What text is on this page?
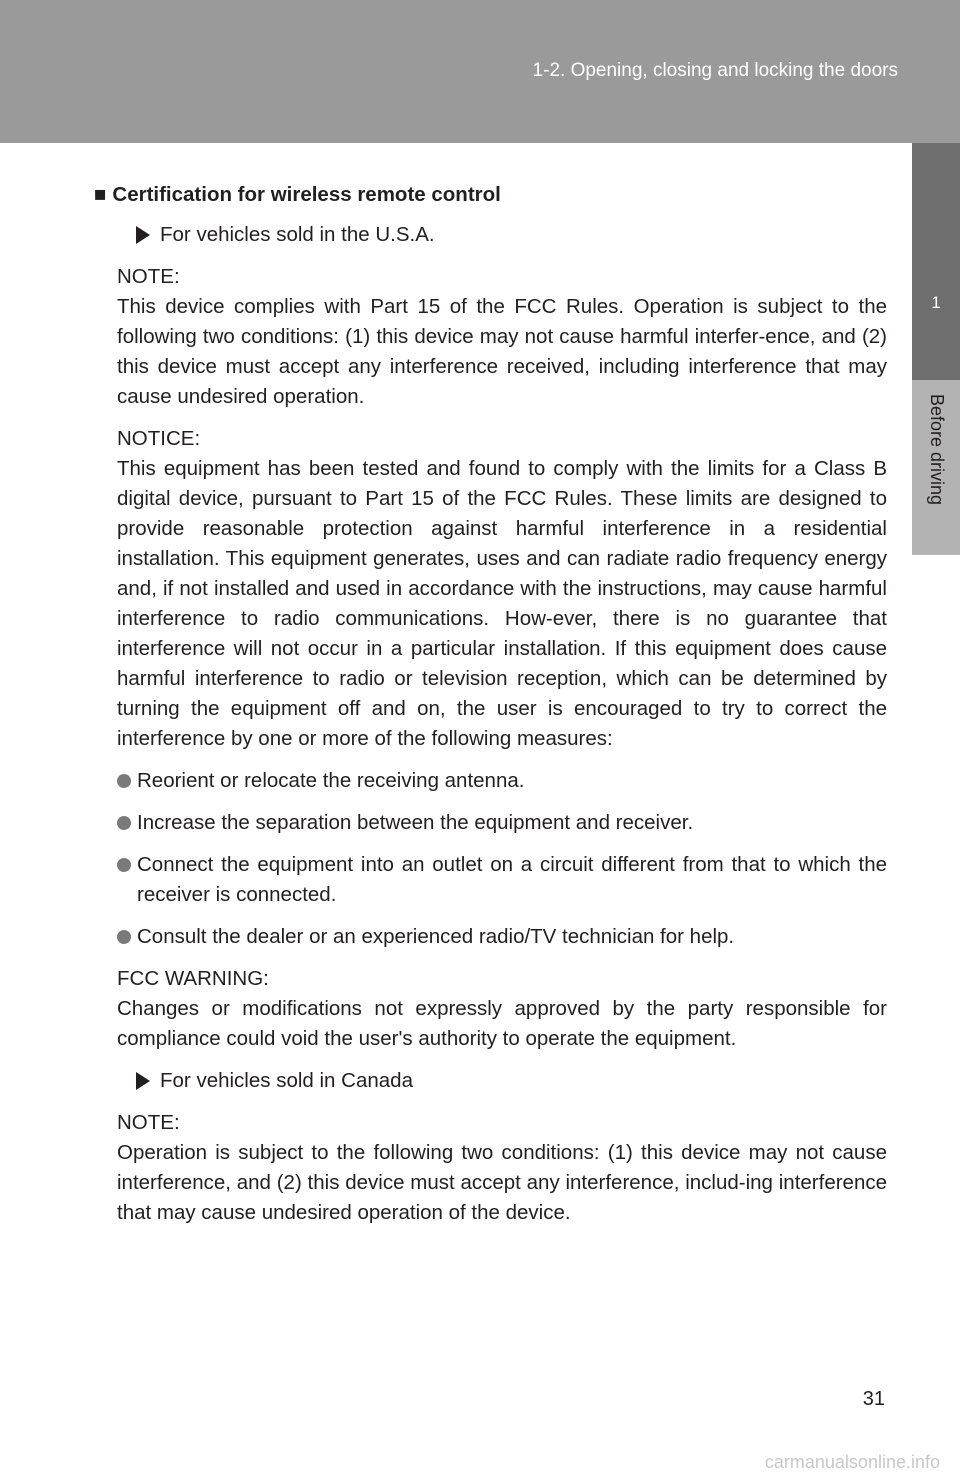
1-2. Opening, closing and locking the doors
1
Before driving

■ Certification for wireless remote control

For vehicles sold in the U.S.A.

NOTE:

This device complies with Part 15 of the FCC Rules. Operation is subject to the following two conditions: (1) this device may not cause harmful interfer-ence, and (2) this device must accept any interference received, including interference that may cause undesired operation.

NOTICE:

This equipment has been tested and found to comply with the limits for a Class B digital device, pursuant to Part 15 of the FCC Rules. These limits are designed to provide reasonable protection against harmful interference in a residential installation. This equipment generates, uses and can radiate radio frequency energy and, if not installed and used in accordance with the instructions, may cause harmful interference to radio communications. How-ever, there is no guarantee that interference will not occur in a particular installation. If this equipment does cause harmful interference to radio or television reception, which can be determined by turning the equipment off and on, the user is encouraged to try to correct the interference by one or more of the following measures:

Reorient or relocate the receiving antenna.
Increase the separation between the equipment and receiver.
Connect the equipment into an outlet on a circuit different from that to which the receiver is connected.
Consult the dealer or an experienced radio/TV technician for help.

FCC WARNING:

Changes or modifications not expressly approved by the party responsible for compliance could void the user's authority to operate the equipment.

For vehicles sold in Canada

NOTE:

Operation is subject to the following two conditions: (1) this device may not cause interference, and (2) this device must accept any interference, includ-ing interference that may cause undesired operation of the device.

31
carmanualsonline.info
